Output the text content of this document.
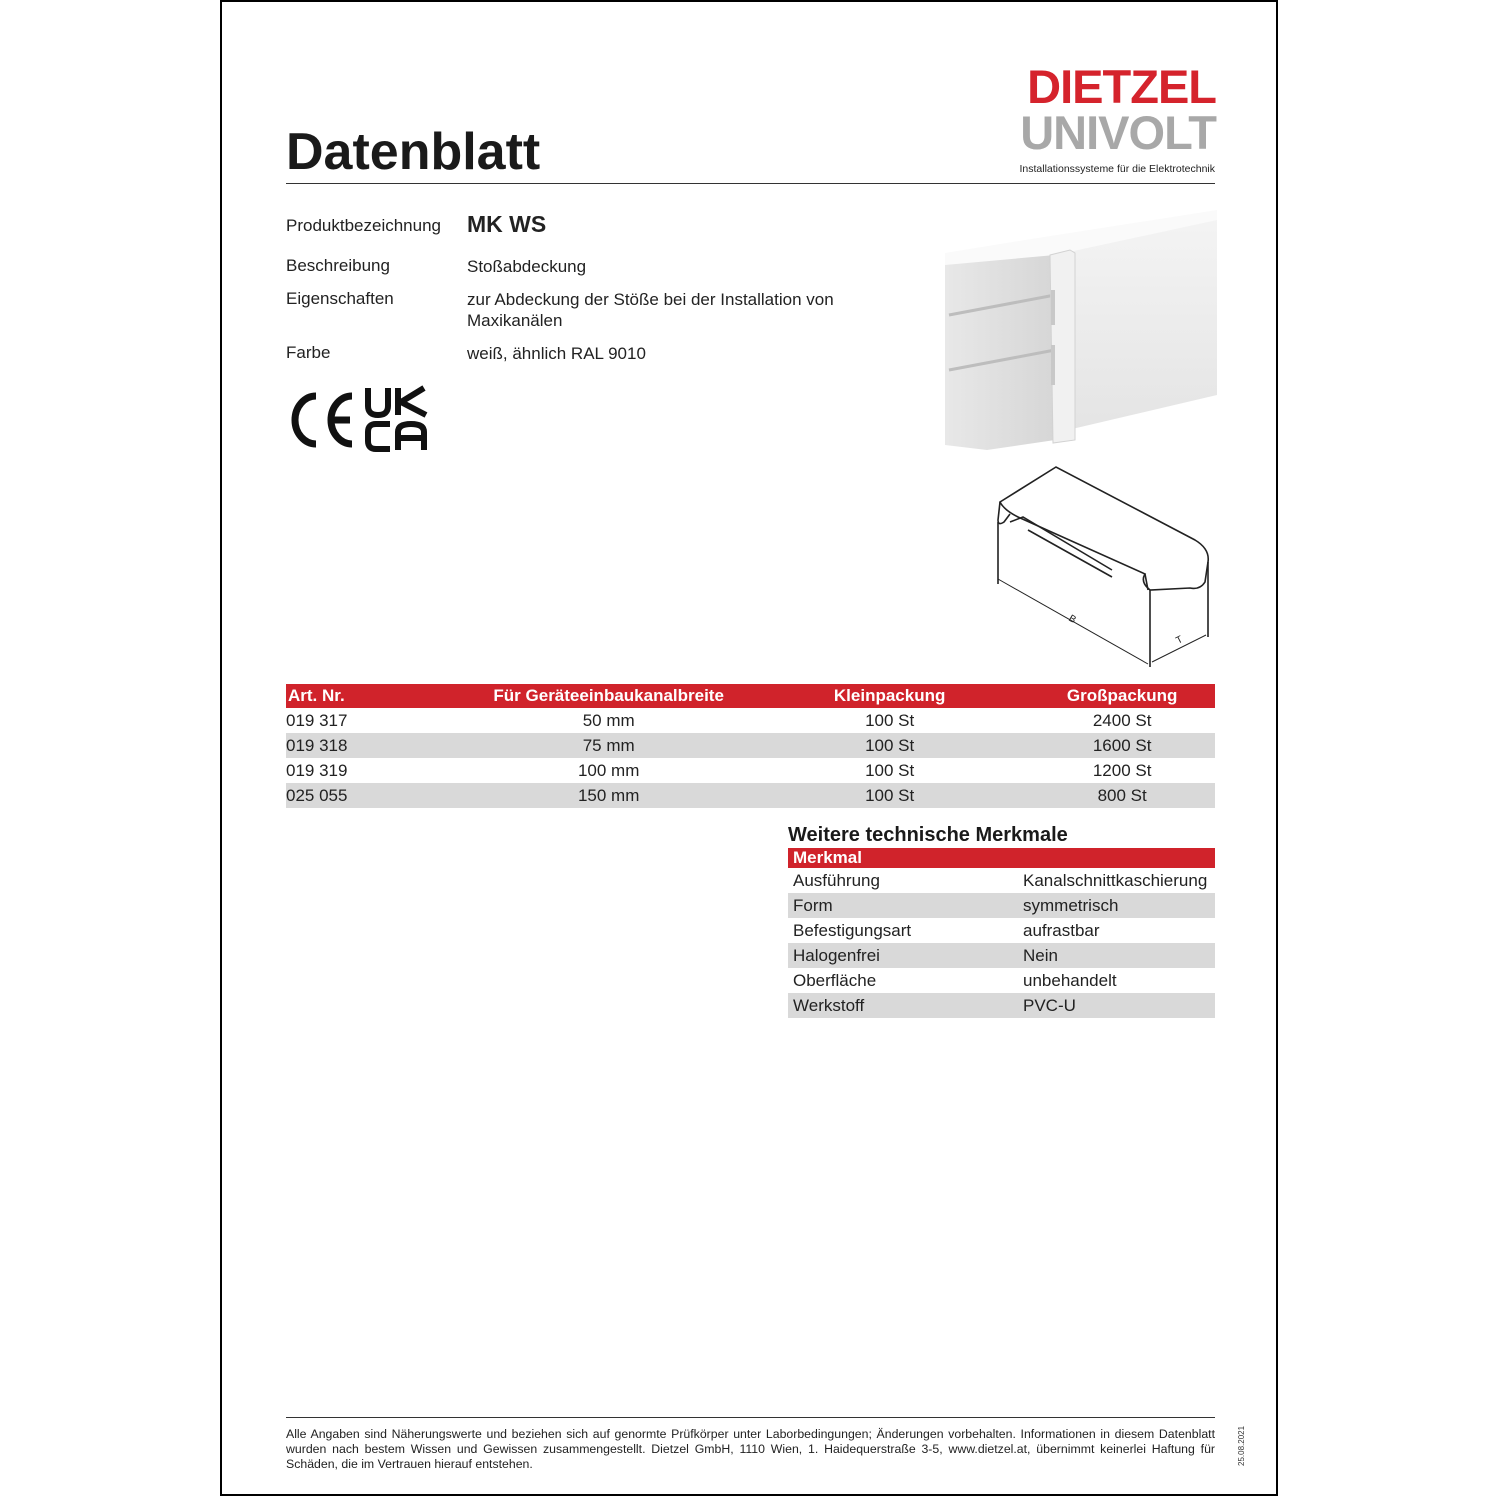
Datenblatt
DIETZEL
UNIVOLT
Installationssysteme für die Elektrotechnik
Produktbezeichnung MK WS
Beschreibung	Stoßabdeckung
Eigenschaften	zur Abdeckung der Stöße bei der Installation von Maxikanälen
Farbe	weiß, ähnlich RAL 9010
B
T
Art. Nr.	Für Geräteeinbaukanalbreite	Kleinpackung	Großpackung
019 317	50 mm	100 St	2400 St
019 318	75 mm	100 St	1600 St
019 319	100 mm	100 St	1200 St
025 055	150 mm	100 St	800 St
Weitere technische Merkmale
Merkmal	
Ausführung	Kanalschnittkaschierung
Form	symmetrisch
Befestigungsart	aufrastbar
Halogenfrei	Nein
Oberfläche	unbehandelt
Werkstoff	PVC-U
Alle Angaben sind Näherungswerte und beziehen sich auf genormte Prüfkörper unter Laborbedingungen; Änderungen vorbehalten. Informationen in diesem Datenblatt wurden nach bestem Wissen und Gewissen zusammengestellt. Dietzel GmbH, 1110 Wien, 1. Haidequerstraße 3-5, www.dietzel.at, übernimmt keinerlei Haftung für Schäden, die im Vertrauen hierauf entstehen.	25.08.2021
